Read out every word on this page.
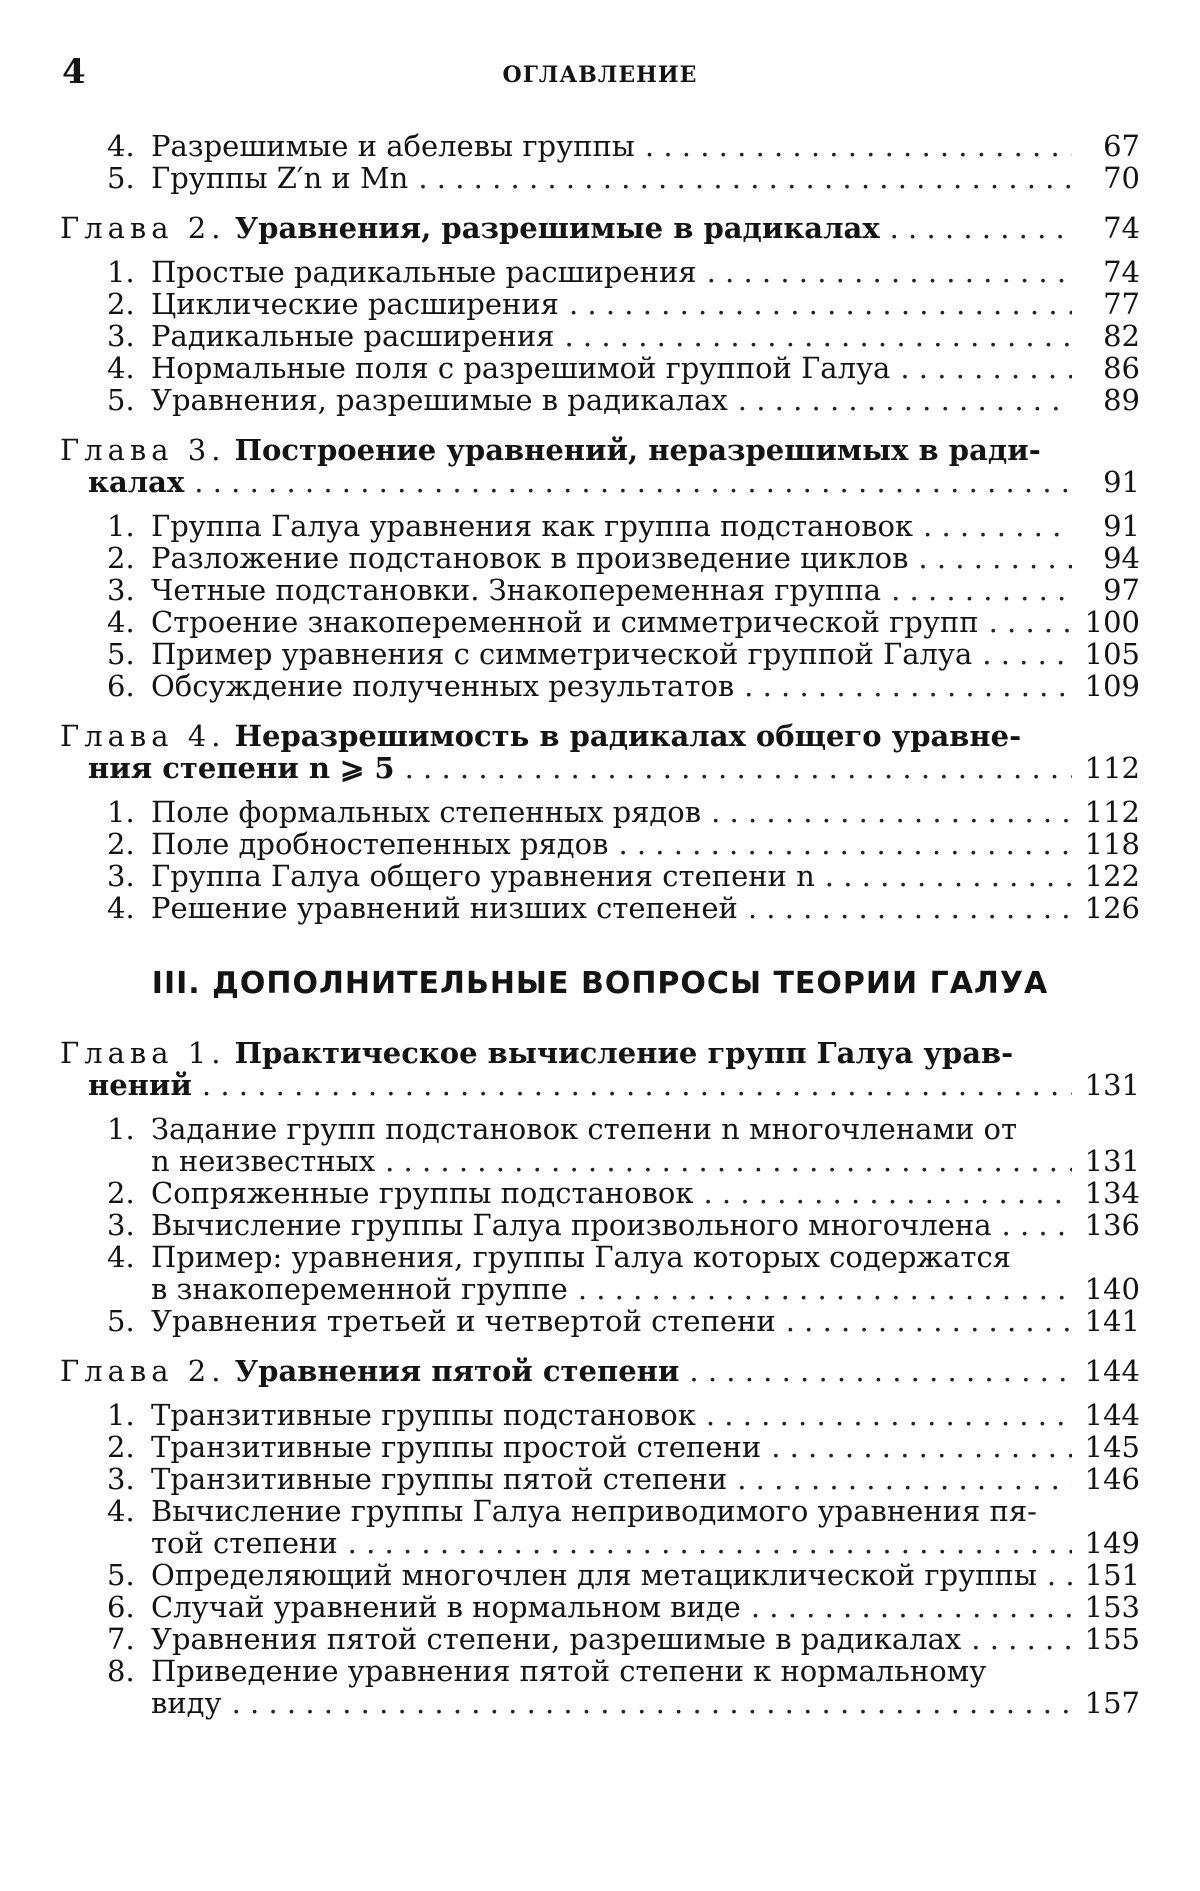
4	ОГЛАВЛЕНИЕ
4. Разрешимые и абелевы группы
. . .	67
5. Группы Z′n и Mn
. . .	70
Глава 2. Уравнения, разрешимые в радикалах
. . .	74
1. Простые радикальные расширения
. . .	74
2. Циклические расширения
. . .	77
3. Радикальные расширения
. . .	82
4. Нормальные поля с разрешимой группой Галуа
. . .	86
5. Уравнения, разрешимые в радикалах
. . .	89
Глава 3. Построение уравнений, неразрешимых в ради-
калах
. . .	91
1. Группа Галуа уравнения как группа подстановок
. . .	91
2. Разложение подстановок в произведение циклов
. . .	94
3. Четные подстановки. Знакопеременная группа
. . .	97
4. Строение знакопеременной и симметрической групп
. . .	100
5. Пример уравнения с симметрической группой Галуа
. . .	105
6. Обсуждение полученных результатов
. . .	109
Глава 4. Неразрешимость в радикалах общего уравне-
ния степени n ⩾ 5
. . .	112
1. Поле формальных степенных рядов
. . .	112
2. Поле дробностепенных рядов
. . .	118
3. Группа Галуа общего уравнения степени n
. . .	122
4. Решение уравнений низших степеней
. . .	126
III. ДОПОЛНИТЕЛЬНЫЕ ВОПРОСЫ ТЕОРИИ ГАЛУА
Глава 1. Практическое вычисление групп Галуа урав-
нений
. . .	131
1. Задание групп подстановок степени n многочленами от
n неизвестных
. . .	131
2. Сопряженные группы подстановок
. . .	134
3. Вычисление группы Галуа произвольного многочлена
. . .	136
4. Пример: уравнения, группы Галуа которых содержатся
в знакопеременной группе
. . .	140
5. Уравнения третьей и четвертой степени
. . .	141
Глава 2. Уравнения пятой степени
. . .	144
1. Транзитивные группы подстановок
. . .	144
2. Транзитивные группы простой степени
. . .	145
3. Транзитивные группы пятой степени
. . .	146
4. Вычисление группы Галуа неприводимого уравнения пя-
той степени
. . .	149
5. Определяющий многочлен для метациклической группы
. . . 151
6. Случай уравнений в нормальном виде
. . .	153
7. Уравнения пятой степени, разрешимые в радикалах
. . .	155
8. Приведение уравнения пятой степени к нормальному
виду
. . .	157
